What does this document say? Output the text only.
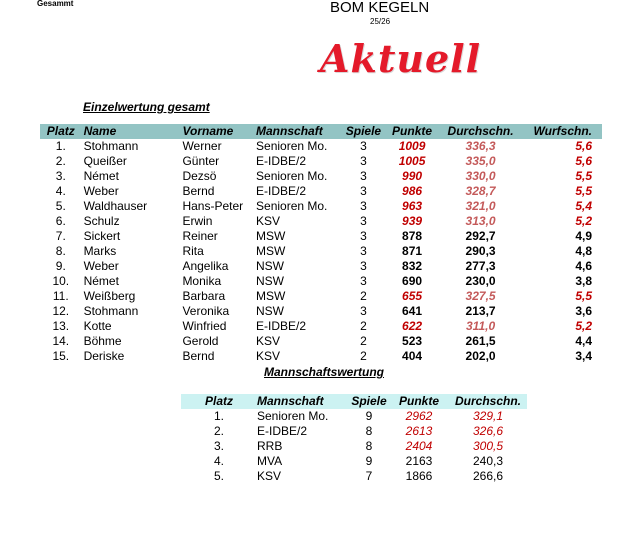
Gesammt	BOM KEGELN
25/26
Aktuell
Einzelwertung gesamt
Platz	Name	Vorname	Mannschaft	Spiele	Punkte	Durchschn.	Wurfschn.
1.	Stohmann	Werner	Senioren Mo.	3	1009	336,3	5,6
2.	Queißer	Günter	E-IDBE/2	3	1005	335,0	5,6
3.	Német	Dezsö	Senioren Mo.	3	990	330,0	5,5
4.	Weber	Bernd	E-IDBE/2	3	986	328,7	5,5
5.	Waldhauser	Hans-Peter	Senioren Mo.	3	963	321,0	5,4
6.	Schulz	Erwin	KSV	3	939	313,0	5,2
7.	Sickert	Reiner	MSW	3	878	292,7	4,9
8.	Marks	Rita	MSW	3	871	290,3	4,8
9.	Weber	Angelika	NSW	3	832	277,3	4,6
10.	Német	Monika	NSW	3	690	230,0	3,8
11.	Weißberg	Barbara	MSW	2	655	327,5	5,5
12.	Stohmann	Veronika	NSW	3	641	213,7	3,6
13.	Kotte	Winfried	E-IDBE/2	2	622	311,0	5,2
14.	Böhme	Gerold	KSV	2	523	261,5	4,4
15.	Deriske	Bernd	KSV	2	404	202,0	3,4
Mannschaftswertung
Platz	Mannschaft	Spiele	Punkte	Durchschn.
1.	Senioren Mo.	9	2962	329,1
2.	E-IDBE/2	8	2613	326,6
3.	RRB	8	2404	300,5
4.	MVA	9	2163	240,3
5.	KSV	7	1866	266,6
